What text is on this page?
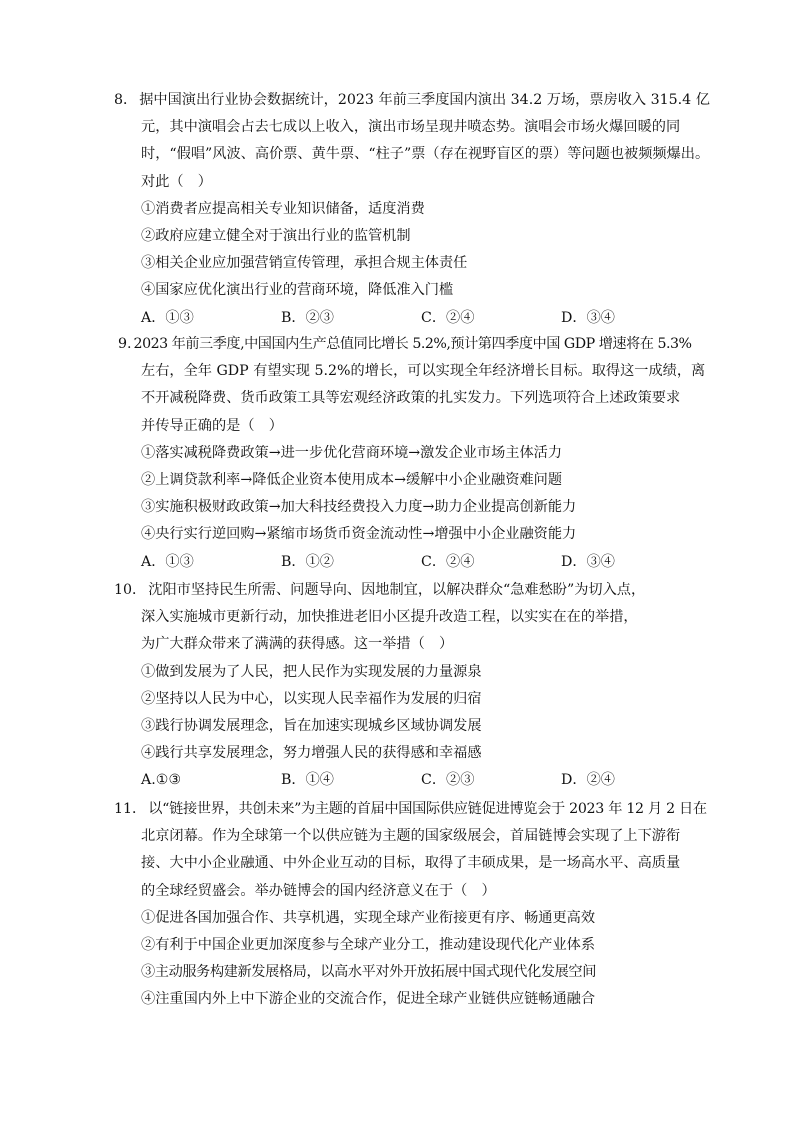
8． 据中国演出行业协会数据统计，2023 年前三季度国内演出 34.2 万场，票房收入 315.4 亿

元，其中演唱会占去七成以上收入，演出市场呈现井喷态势。演唱会市场火爆回暖的同

时，“假唱”风波、高价票、黄牛票、“柱子”票（存在视野盲区的票）等问题也被频频爆出。

对此（　）

①消费者应提高相关专业知识储备，适度消费

②政府应建立健全对于演出行业的监管机制

③相关企业应加强营销宣传管理，承担合规主体责任

④国家应优化演出行业的营商环境，降低准入门槛

A．①③	B．②③	C．②④	D．③④
9. 2023 年前三季度,中国国内生产总值同比增长 5.2%,预计第四季度中国 GDP 增速将在 5.3%

左右，全年 GDP 有望实现 5.2%的增长，可以实现全年经济增长目标。取得这一成绩，离

不开减税降费、货币政策工具等宏观经济政策的扎实发力。下列选项符合上述政策要求

并传导正确的是（　）

①落实减税降费政策→进一步优化营商环境→激发企业市场主体活力

②上调贷款利率→降低企业资本使用成本→缓解中小企业融资难问题

③实施积极财政政策→加大科技经费投入力度→助力企业提高创新能力

④央行实行逆回购→紧缩市场货币资金流动性→增强中小企业融资能力

A．①③	B．①②	C．②④	D．③④
10． 沈阳市坚持民生所需、问题导向、因地制宜，以解决群众“急难愁盼”为切入点，

深入实施城市更新行动，加快推进老旧小区提升改造工程，以实实在在的举措，

为广大群众带来了满满的获得感。这一举措（　）

①做到发展为了人民，把人民作为实现发展的力量源泉

②坚持以人民为中心，以实现人民幸福作为发展的归宿

③践行协调发展理念，旨在加速实现城乡区域协调发展

④践行共享发展理念，努力增强人民的获得感和幸福感

A.①③	B．①④	C．②③	D．②④
11． 以“链接世界，共创未来”为主题的首届中国国际供应链促进博览会于 2023 年 12 月 2 日在

北京闭幕。作为全球第一个以供应链为主题的国家级展会，首届链博会实现了上下游衔

接、大中小企业融通、中外企业互动的目标，取得了丰硕成果，是一场高水平、高质量

的全球经贸盛会。举办链博会的国内经济意义在于（　）

①促进各国加强合作、共享机遇，实现全球产业衔接更有序、畅通更高效

②有利于中国企业更加深度参与全球产业分工，推动建设现代化产业体系

③主动服务构建新发展格局，以高水平对外开放拓展中国式现代化发展空间

④注重国内外上中下游企业的交流合作，促进全球产业链供应链畅通融合
